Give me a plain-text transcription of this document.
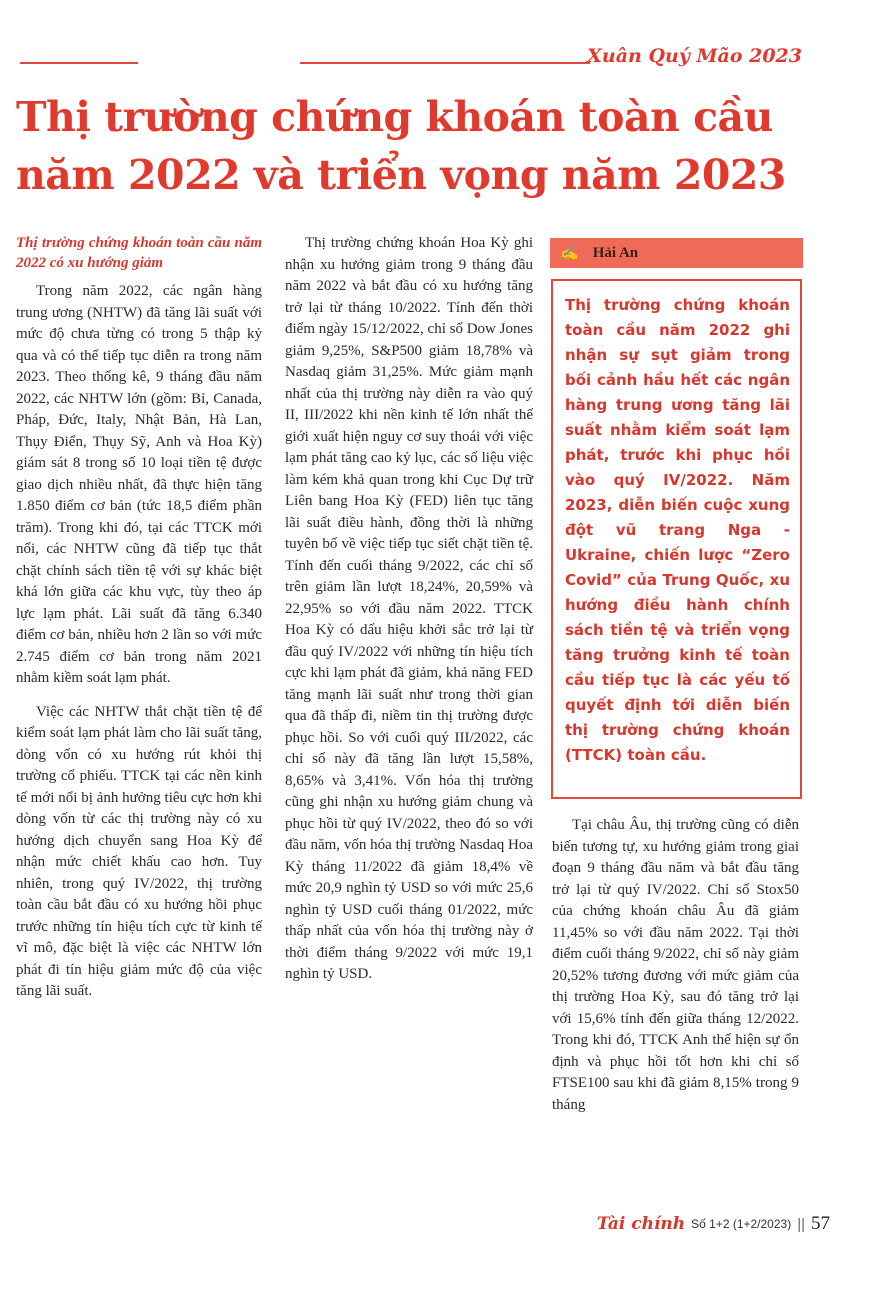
Xuân Quý Mão 2023
Thị trường chứng khoán toàn cầu năm 2022 và triển vọng năm 2023
Thị trường chứng khoán toàn cầu năm 2022 có xu hướng giảm

Trong năm 2022, các ngân hàng trung ương (NHTW) đã tăng lãi suất với mức độ chưa từng có trong 5 thập kỷ qua và có thể tiếp tục diễn ra trong năm 2023. Theo thống kê, 9 tháng đầu năm 2022, các NHTW lớn (gồm: Bỉ, Canada, Pháp, Đức, Italy, Nhật Bản, Hà Lan, Thụy Điển, Thụy Sỹ, Anh và Hoa Kỳ) giám sát 8 trong số 10 loại tiền tệ được giao dịch nhiều nhất, đã thực hiện tăng 1.850 điểm cơ bản (tức 18,5 điểm phần trăm). Trong khi đó, tại các TTCK mới nổi, các NHTW cũng đã tiếp tục thắt chặt chính sách tiền tệ với sự khác biệt khá lớn giữa các khu vực, tùy theo áp lực lạm phát. Lãi suất đã tăng 6.340 điểm cơ bản, nhiều hơn 2 lần so với mức 2.745 điểm cơ bản trong năm 2021 nhằm kiềm soát lạm phát.

Việc các NHTW thắt chặt tiền tệ để kiểm soát lạm phát làm cho lãi suất tăng, dòng vốn có xu hướng rút khỏi thị trường cổ phiếu. TTCK tại các nền kinh tế mới nổi bị ảnh hưởng tiêu cực hơn khi dòng vốn từ các thị trường này có xu hướng dịch chuyển sang Hoa Kỳ để nhận mức chiết khấu cao hơn. Tuy nhiên, trong quý IV/2022, thị trường toàn cầu bắt đầu có xu hướng hồi phục trước những tín hiệu tích cực từ kinh tế vĩ mô, đặc biệt là việc các NHTW lớn phát đi tín hiệu giảm mức độ của việc tăng lãi suất.

Thị trường chứng khoán Hoa Kỳ ghi nhận xu hướng giảm trong 9 tháng đầu năm 2022 và bắt đầu có xu hướng tăng trở lại từ tháng 10/2022. Tính đến thời điểm ngày 15/12/2022, chỉ số Dow Jones giảm 9,25%, S&P500 giảm 18,78% và Nasdaq giảm 31,25%. Mức giảm mạnh nhất của thị trường này diễn ra vào quý II, III/2022 khi nền kinh tế lớn nhất thế giới xuất hiện nguy cơ suy thoái với việc lạm phát tăng cao kỷ lục, các số liệu việc làm kém khả quan trong khi Cục Dự trữ Liên bang Hoa Kỳ (FED) liên tục tăng lãi suất điều hành, đồng thời là những tuyên bố về việc tiếp tục siết chặt tiền tệ. Tính đến cuối tháng 9/2022, các chỉ số trên giảm lần lượt 18,24%, 20,59% và 22,95% so với đầu năm 2022. TTCK Hoa Kỳ có dấu hiệu khởi sắc trở lại từ đầu quý IV/2022 với những tín hiệu tích cực khi lạm phát đã giảm, khả năng FED tăng mạnh lãi suất như trong thời gian qua đã thấp đi, niềm tin thị trường được phục hồi. So với cuối quý III/2022, các chỉ số này đã tăng lần lượt 15,58%, 8,65% và 3,41%. Vốn hóa thị trường cũng ghi nhận xu hướng giảm chung và phục hồi từ quý IV/2022, theo đó so với đầu năm, vốn hóa thị trường Nasdaq Hoa Kỳ tháng 11/2022 đã giảm 18,4% về mức 20,9 nghìn tỷ USD so với mức 25,6 nghìn tỷ USD cuối tháng 01/2022, mức thấp nhất của vốn hóa thị trường này ở thời điểm tháng 9/2022 với mức 19,1 nghìn tỷ USD.

✍ Hải An
Thị trường chứng khoán toàn cầu năm 2022 ghi nhận sự sụt giảm trong bối cảnh hầu hết các ngân hàng trung ương tăng lãi suất nhằm kiểm soát lạm phát, trước khi phục hồi vào quý IV/2022. Năm 2023, diễn biến cuộc xung đột vũ trang Nga - Ukraine, chiến lược “Zero Covid” của Trung Quốc, xu hướng điều hành chính sách tiền tệ và triển vọng tăng trưởng kinh tế toàn cầu tiếp tục là các yếu tố quyết định tới diễn biến thị trường chứng khoán (TTCK) toàn cầu.

Tại châu Âu, thị trường cũng có diễn biến tương tự, xu hướng giảm trong giai đoạn 9 tháng đầu năm và bắt đầu tăng trở lại từ quý IV/2022. Chỉ số Stox50 của chứng khoán châu Âu đã giảm 11,45% so với đầu năm 2022. Tại thời điểm cuối tháng 9/2022, chỉ số này giảm 20,52% tương đương với mức giảm của thị trường Hoa Kỳ, sau đó tăng trở lại với 15,6% tính đến giữa tháng 12/2022. Trong khi đó, TTCK Anh thể hiện sự ổn định và phục hồi tốt hơn khi chỉ số FTSE100 sau khi đã giảm 8,15% trong 9 tháng

Tài chính Số 1+2 (1+2/2023) || 57
